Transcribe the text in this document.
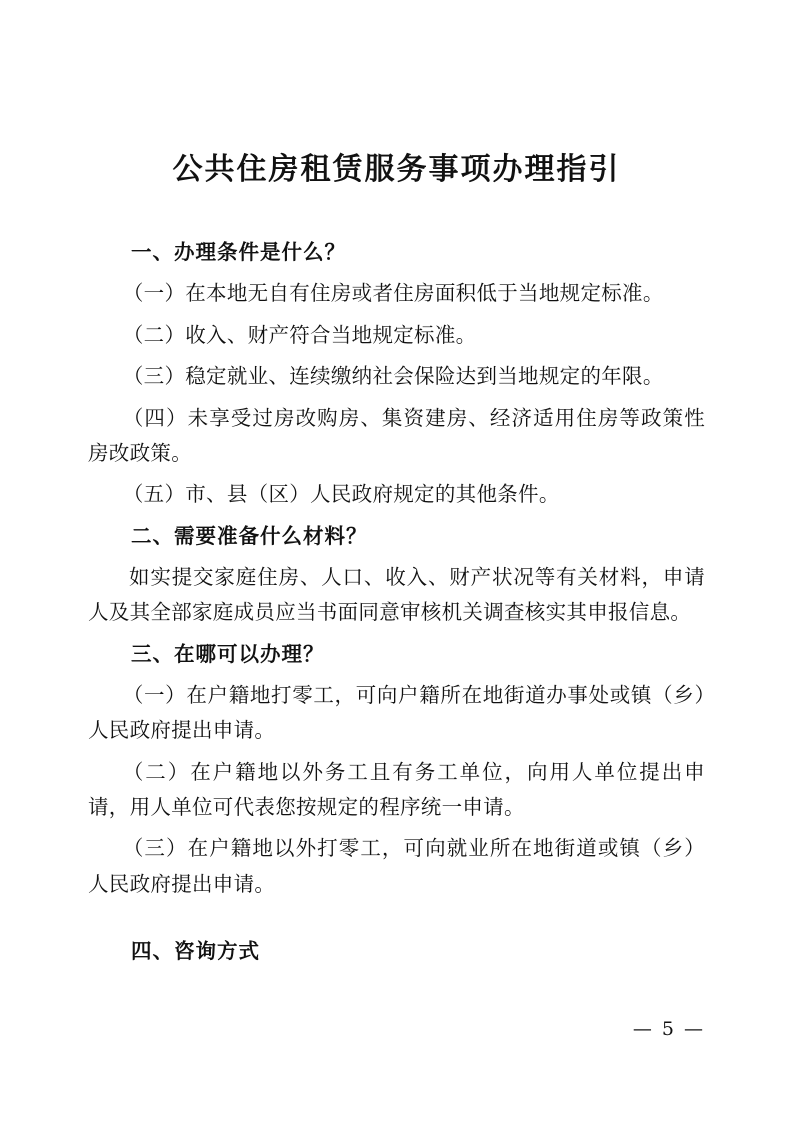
公共住房租赁服务事项办理指引

一、办理条件是什么？

（一）在本地无自有住房或者住房面积低于当地规定标准。

（二）收入、财产符合当地规定标准。

（三）稳定就业、连续缴纳社会保险达到当地规定的年限。

（四）未享受过房改购房、集资建房、经济适用住房等政策性房改政策。

（五）市、县（区）人民政府规定的其他条件。

二、需要准备什么材料？

如实提交家庭住房、人口、收入、财产状况等有关材料，申请人及其全部家庭成员应当书面同意审核机关调查核实其申报信息。

三、在哪可以办理？

（一）在户籍地打零工，可向户籍所在地街道办事处或镇（乡）人民政府提出申请。

（二）在户籍地以外务工且有务工单位，向用人单位提出申请，用人单位可代表您按规定的程序统一申请。

（三）在户籍地以外打零工，可向就业所在地街道或镇（乡）人民政府提出申请。

四、咨询方式

— 5 —
